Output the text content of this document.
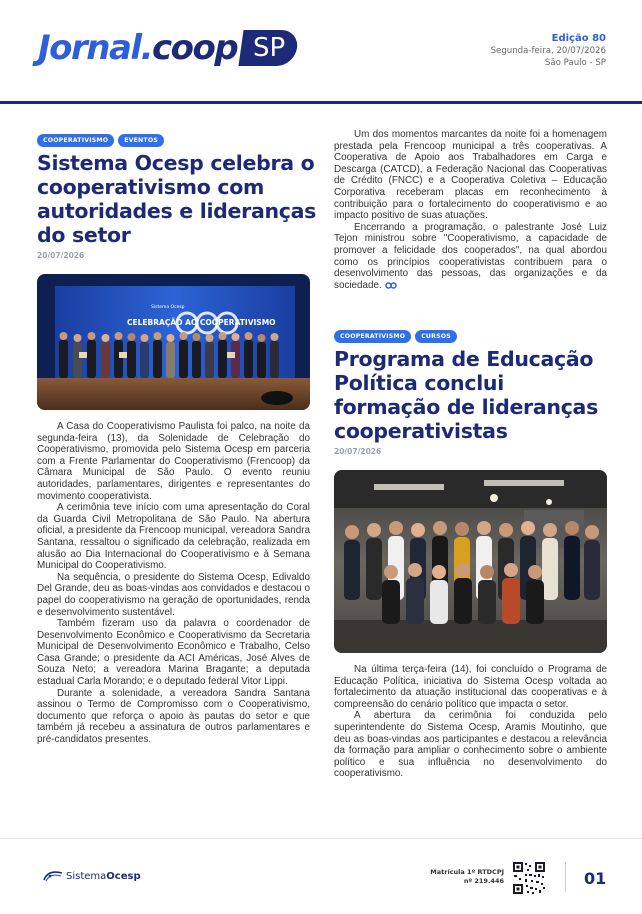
Jornal. coop SP	Edição 80
Segunda-feira, 20/07/2026
São Paulo - SP
COOPERATIVISMO	EVENTOS
Sistema Ocesp celebra o cooperativismo com autoridades e lideranças do setor
20/07/2026
CELEBRAÇÃO AO COOPERATIVISMO
Sistema Ocesp

A Casa do Cooperativismo Paulista foi palco, na noite da segunda-feira (13), da Solenidade de Celebração do Cooperativismo, promovida pelo Sistema Ocesp em parceria com a Frente Parlamentar do Cooperativismo (Frencoop) da Câmara Municipal de São Paulo. O evento reuniu autoridades, parlamentares, dirigentes e representantes do movimento cooperativista.

A cerimônia teve início com uma apresentação do Coral da Guarda Civil Metropolitana de São Paulo. Na abertura oficial, a presidente da Frencoop municipal, vereadora Sandra Santana, ressaltou o significado da celebração, realizada em alusão ao Dia Internacional do Cooperativismo e à Semana Municipal do Cooperativismo.

Na sequência, o presidente do Sistema Ocesp, Edivaldo Del Grande, deu as boas-vindas aos convidados e destacou o papel do cooperativismo na geração de oportunidades, renda e desenvolvimento sustentável.

Também fizeram uso da palavra o coordenador de Desenvolvimento Econômico e Cooperativismo da Secretaria Municipal de Desenvolvimento Econômico e Trabalho, Celso Casa Grande; o presidente da ACI Américas, José Alves de Souza Neto; a vereadora Marina Bragante; a deputada estadual Carla Morando; e o deputado federal Vitor Lippi.

Durante a solenidade, a vereadora Sandra Santana assinou o Termo de Compromisso com o Cooperativismo, documento que reforça o apoio às pautas do setor e que também já recebeu a assinatura de outros parlamentares e pré-candidatos presentes.

Um dos momentos marcantes da noite foi a homenagem prestada pela Frencoop municipal a três cooperativas. A Cooperativa de Apoio aos Trabalhadores em Carga e Descarga (CATCD), a Federação Nacional das Cooperativas de Crédito (FNCC) e a Cooperativa Coletiva – Educação Corporativa receberam placas em reconhecimento à contribuição para o fortalecimento do cooperativismo e ao impacto positivo de suas atuações.

Encerrando a programação, o palestrante José Luiz Tejon ministrou sobre "Cooperativismo, a capacidade de promover a felicidade dos cooperados", na qual abordou como os princípios cooperativistas contribuem para o desenvolvimento das pessoas, das organizações e da sociedade.

COOPERATIVISMO	CURSOS
Programa de Educação Política conclui formação de lideranças cooperativistas
20/07/2026

Na última terça-feira (14), foi concluído o Programa de Educação Política, iniciativa do Sistema Ocesp voltada ao fortalecimento da atuação institucional das cooperativas e à compreensão do cenário político que impacta o setor.

A abertura da cerimônia foi conduzida pelo superintendente do Sistema Ocesp, Aramis Moutinho, que deu as boas-vindas aos participantes e destacou a relevância da formação para ampliar o conhecimento sobre o ambiente político e sua influência no desenvolvimento do cooperativismo.

Sistema Ocesp	Matrícula 1º RTDCPJ
nº 219.446	01
